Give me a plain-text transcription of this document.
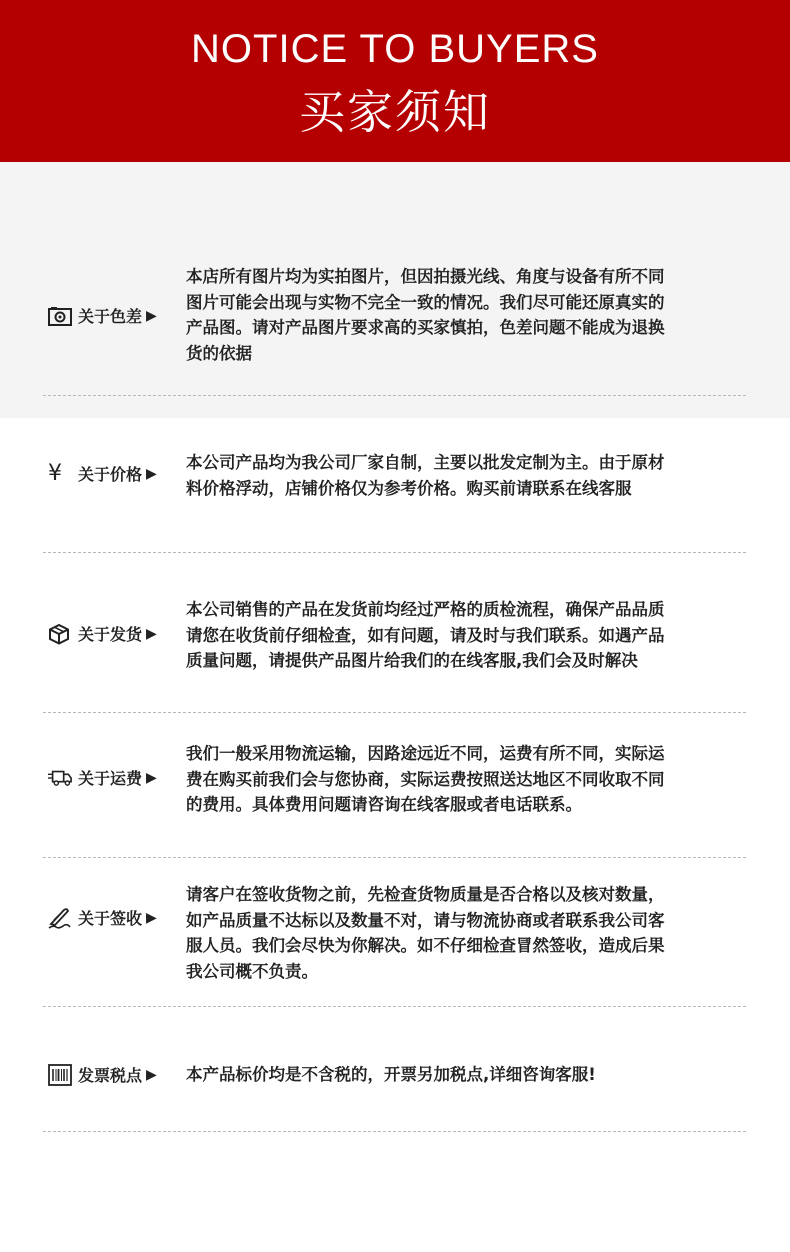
NOTICE TO BUYERS
买家须知
关于色差 ▶
本店所有图片均为实拍图片，但因拍摄光线、角度与设备有所不同
图片可能会出现与实物不完全一致的情况。我们尽可能还原真实的
产品图。请对产品图片要求高的买家慎拍，色差问题不能成为退换
货的依据
¥	关于价格 ▶
本公司产品均为我公司厂家自制，主要以批发定制为主。由于原材
料价格浮动，店铺价格仅为参考价格。购买前请联系在线客服
关于发货 ▶
本公司销售的产品在发货前均经过严格的质检流程，确保产品品质
请您在收货前仔细检查，如有问题，请及时与我们联系。如遇产品
质量问题，请提供产品图片给我们的在线客服,我们会及时解决
关于运费 ▶
我们一般采用物流运输，因路途远近不同，运费有所不同，实际运
费在购买前我们会与您协商，实际运费按照送达地区不同收取不同
的费用。具体费用问题请咨询在线客服或者电话联系。
关于签收 ▶
请客户在签收货物之前，先检查货物质量是否合格以及核对数量，
如产品质量不达标以及数量不对，请与物流协商或者联系我公司客
服人员。我们会尽快为你解决。如不仔细检查冒然签收，造成后果
我公司概不负责。
发票税点 ▶ 本产品标价均是不含税的，开票另加税点,详细咨询客服!
